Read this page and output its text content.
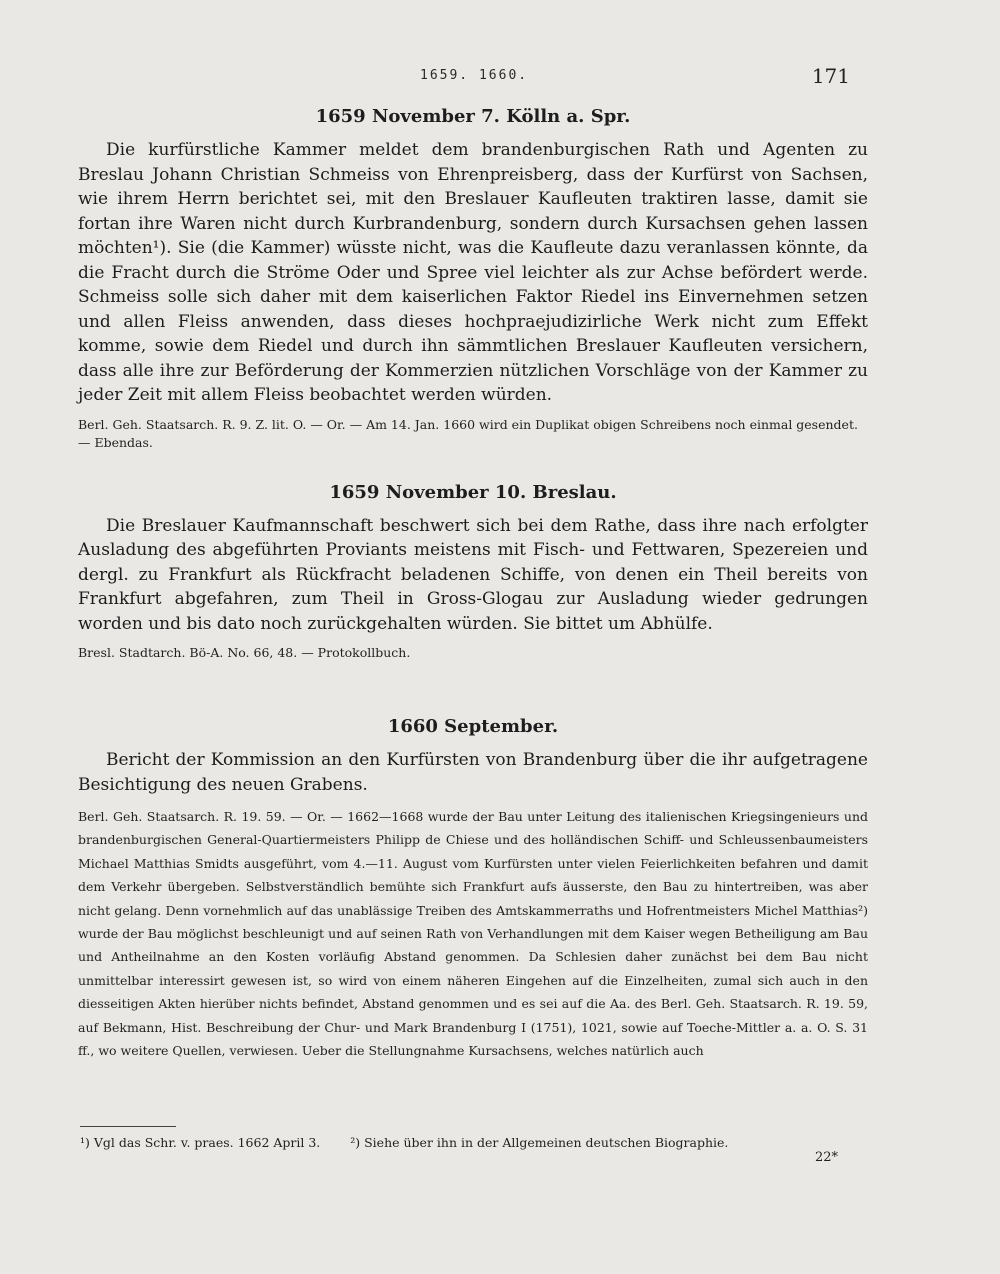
1659. 1660.	171
1659 November 7. Kölln a. Spr.

Die kurfürstliche Kammer meldet dem brandenburgischen Rath und Agenten zu Breslau Johann Christian Schmeiss von Ehrenpreisberg, dass der Kurfürst von Sachsen, wie ihrem Herrn berichtet sei, mit den Breslauer Kaufleuten traktiren lasse, damit sie fortan ihre Waren nicht durch Kurbrandenburg, sondern durch Kursachsen gehen lassen möchten¹). Sie (die Kammer) wüsste nicht, was die Kaufleute dazu veranlassen könnte, da die Fracht durch die Ströme Oder und Spree viel leichter als zur Achse befördert werde. Schmeiss solle sich daher mit dem kaiserlichen Faktor Riedel ins Einvernehmen setzen und allen Fleiss anwenden, dass dieses hochpraejudizirliche Werk nicht zum Effekt komme, sowie dem Riedel und durch ihn sämmtlichen Breslauer Kaufleuten versichern, dass alle ihre zur Beförderung der Kommerzien nützlichen Vorschläge von der Kammer zu jeder Zeit mit allem Fleiss beobachtet werden würden.

Berl. Geh. Staatsarch. R. 9. Z. lit. O. — Or. — Am 14. Jan. 1660 wird ein Duplikat obigen Schreibens noch einmal gesendet. — Ebendas.

1659 November 10. Breslau.

Die Breslauer Kaufmannschaft beschwert sich bei dem Rathe, dass ihre nach erfolgter Ausladung des abgeführten Proviants meistens mit Fisch- und Fettwaren, Spezereien und dergl. zu Frankfurt als Rückfracht beladenen Schiffe, von denen ein Theil bereits von Frankfurt abgefahren, zum Theil in Gross-Glogau zur Ausladung wieder gedrungen worden und bis dato noch zurückgehalten würden. Sie bittet um Abhülfe.

Bresl. Stadtarch. Bö-A. No. 66, 48. — Protokollbuch.

1660 September.

Bericht der Kommission an den Kurfürsten von Brandenburg über die ihr aufgetragene Besichtigung des neuen Grabens.

Berl. Geh. Staatsarch. R. 19. 59. — Or. — 1662—1668 wurde der Bau unter Leitung des italienischen Kriegsingenieurs und brandenburgischen General-Quartiermeisters Philipp de Chiese und des holländischen Schiff- und Schleussenbaumeisters Michael Matthias Smidts ausgeführt, vom 4.—11. August vom Kurfürsten unter vielen Feierlichkeiten befahren und damit dem Verkehr übergeben. Selbstverständlich bemühte sich Frankfurt aufs äusserste, den Bau zu hintertreiben, was aber nicht gelang. Denn vornehmlich auf das unablässige Treiben des Amtskammerraths und Hofrentmeisters Michel Matthias²) wurde der Bau möglichst beschleunigt und auf seinen Rath von Verhandlungen mit dem Kaiser wegen Betheiligung am Bau und Antheilnahme an den Kosten vorläufig Abstand genommen. Da Schlesien daher zunächst bei dem Bau nicht unmittelbar interessirt gewesen ist, so wird von einem näheren Eingehen auf die Einzelheiten, zumal sich auch in den diesseitigen Akten hierüber nichts befindet, Abstand genommen und es sei auf die Aa. des Berl. Geh. Staatsarch. R. 19. 59, auf Bekmann, Hist. Beschreibung der Chur- und Mark Brandenburg I (1751), 1021, sowie auf Toeche-Mittler a. a. O. S. 31 ff., wo weitere Quellen, verwiesen. Ueber die Stellungnahme Kursachsens, welches natürlich auch

¹) Vgl das Schr. v. praes. 1662 April 3. ²) Siehe über ihn in der Allgemeinen deutschen Biographie.
22*
